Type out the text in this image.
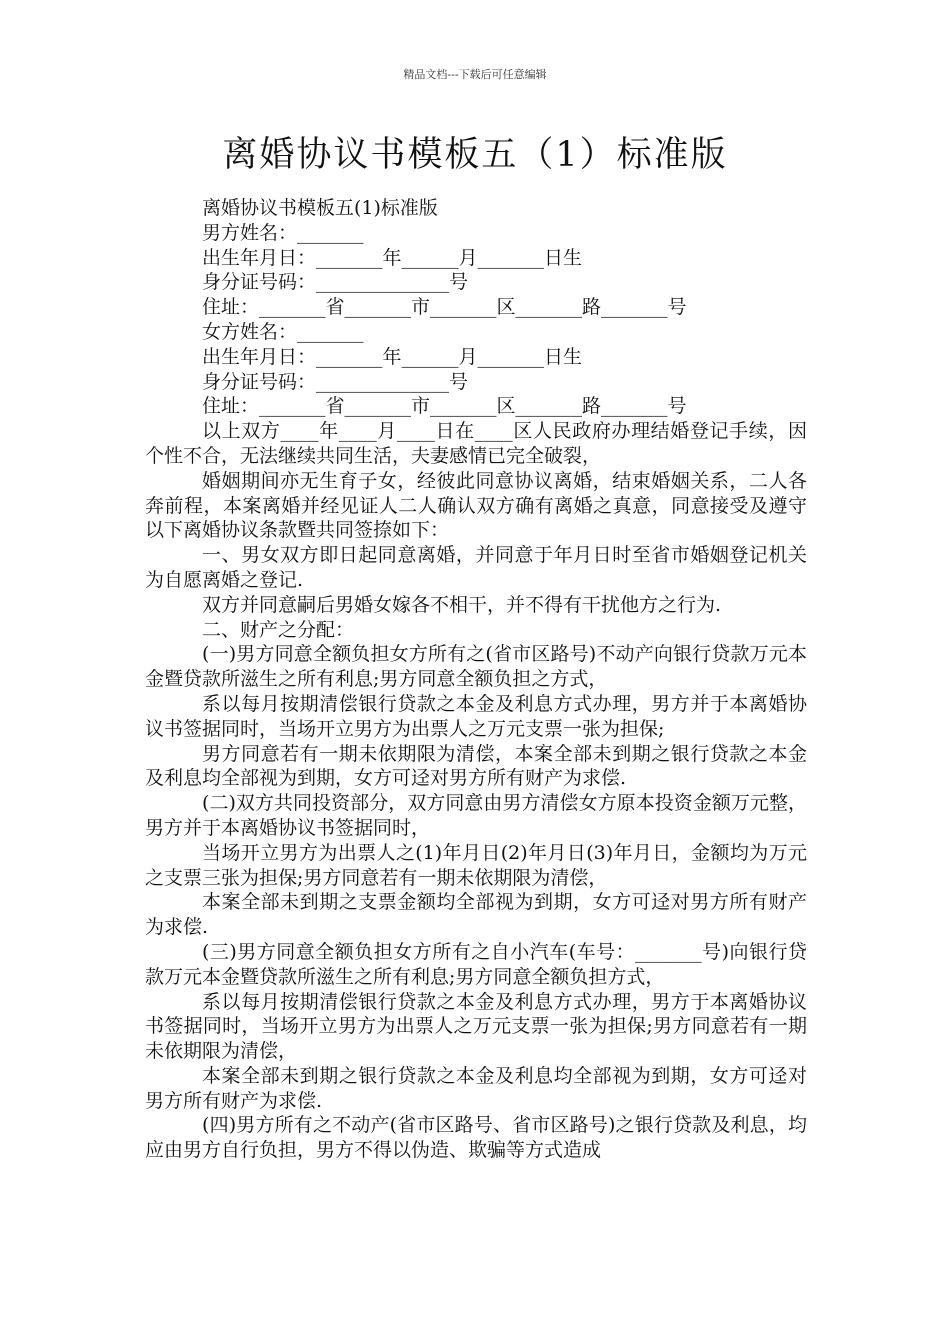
精品文档---下载后可任意编辑
离婚协议书模板五（1）标准版

离婚协议书模板五(1)标准版

男方姓名：_______

出生年月日：_______年______月_______日生

身分证号码：______________号

住址：_______省_______市_______区_______路_______号

女方姓名：_______

出生年月日：_______年______月_______日生

身分证号码：______________号

住址：_______省_______市_______区_______路_______号

以上双方____年____月____日在____区人民政府办理结婚登记手续，因个性不合，无法继续共同生活，夫妻感情已完全破裂，

婚姻期间亦无生育子女，经彼此同意协议离婚，结束婚姻关系，二人各奔前程，本案离婚并经见证人二人确认双方确有离婚之真意，同意接受及遵守以下离婚协议条款暨共同签捺如下：

一、男女双方即日起同意离婚，并同意于年月日时至省市婚姻登记机关为自愿离婚之登记.

双方并同意嗣后男婚女嫁各不相干，并不得有干扰他方之行为.

二、财产之分配：

(一)男方同意全额负担女方所有之(省市区路号)不动产向银行贷款万元本金暨贷款所滋生之所有利息;男方同意全额负担之方式，

系以每月按期清偿银行贷款之本金及利息方式办理，男方并于本离婚协议书签据同时，当场开立男方为出票人之万元支票一张为担保;

男方同意若有一期未依期限为清偿，本案全部未到期之银行贷款之本金及利息均全部视为到期，女方可迳对男方所有财产为求偿.

(二)双方共同投资部分，双方同意由男方清偿女方原本投资金额万元整，男方并于本离婚协议书签据同时，

当场开立男方为出票人之(1)年月日(2)年月日(3)年月日，金额均为万元之支票三张为担保;男方同意若有一期未依期限为清偿，

本案全部未到期之支票金额均全部视为到期，女方可迳对男方所有财产为求偿.

(三)男方同意全额负担女方所有之自小汽车(车号：_______号)向银行贷款万元本金暨贷款所滋生之所有利息;男方同意全额负担方式，

系以每月按期清偿银行贷款之本金及利息方式办理，男方于本离婚协议书签据同时，当场开立男方为出票人之万元支票一张为担保;男方同意若有一期未依期限为清偿，

本案全部未到期之银行贷款之本金及利息均全部视为到期，女方可迳对男方所有财产为求偿.

(四)男方所有之不动产(省市区路号、省市区路号)之银行贷款及利息，均应由男方自行负担，男方不得以伪造、欺骗等方式造成
